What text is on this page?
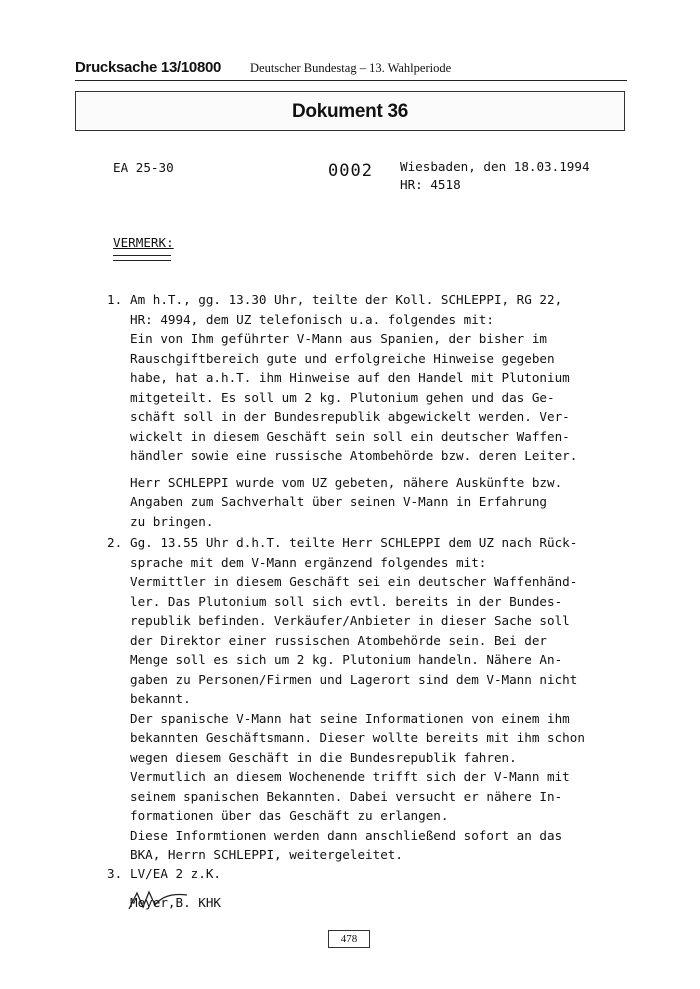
Drucksache 13/10800 Deutscher Bundestag – 13. Wahlperiode
Dokument 36
EA 25-30	0002 Wiesbaden, den 18.03.1994
HR: 4518
VERMERK:
1. Am h.T., gg. 13.30 Uhr, teilte der Koll. SCHLEPPI, RG 22,
HR: 4994, dem UZ telefonisch u.a. folgendes mit:
Ein von Ihm geführter V-Mann aus Spanien, der bisher im
Rauschgiftbereich gute und erfolgreiche Hinweise gegeben
habe, hat a.h.T. ihm Hinweise auf den Handel mit Plutonium
mitgeteilt. Es soll um 2 kg. Plutonium gehen und das Ge-
schäft soll in der Bundesrepublik abgewickelt werden. Ver-
wickelt in diesem Geschäft sein soll ein deutscher Waffen-
händler sowie eine russische Atombehörde bzw. deren Leiter.
Herr SCHLEPPI wurde vom UZ gebeten, nähere Auskünfte bzw.
Angaben zum Sachverhalt über seinen V-Mann in Erfahrung
zu bringen.
2. Gg. 13.55 Uhr d.h.T. teilte Herr SCHLEPPI dem UZ nach Rück-
sprache mit dem V-Mann ergänzend folgendes mit:
Vermittler in diesem Geschäft sei ein deutscher Waffenhänd-
ler. Das Plutonium soll sich evtl. bereits in der Bundes-
republik befinden. Verkäufer/Anbieter in dieser Sache soll
der Direktor einer russischen Atombehörde sein. Bei der
Menge soll es sich um 2 kg. Plutonium handeln. Nähere An-
gaben zu Personen/Firmen und Lagerort sind dem V-Mann nicht
bekannt.
Der spanische V-Mann hat seine Informationen von einem ihm
bekannten Geschäftsmann. Dieser wollte bereits mit ihm schon
wegen diesem Geschäft in die Bundesrepublik fahren.
Vermutlich an diesem Wochenende trifft sich der V-Mann mit
seinem spanischen Bekannten. Dabei versucht er nähere In-
formationen über das Geschäft zu erlangen.
Diese Informtionen werden dann anschließend sofort an das
BKA, Herrn SCHLEPPI, weitergeleitet.
3. LV/EA 2 z.K.
Meyer,B. KHK
478
